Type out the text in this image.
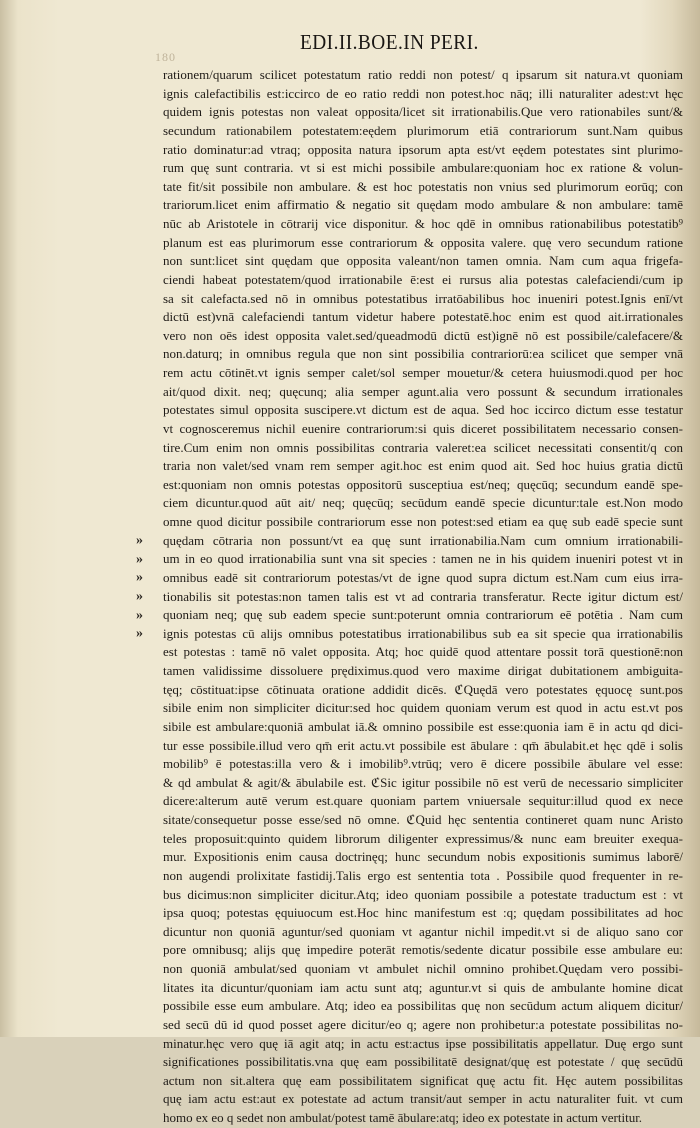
180
EDI.II.BOE.IN PERI.
»
»
»
»
»
»
rationem/quarum scilicet potestatum ratio reddi non potest/ q ipsarum sit natura.vt quoniam
ignis calefactibilis est:iccirco de eo ratio reddi non potest.hoc nāq; illi naturaliter adest:vt hęc
quidem ignis potestas non valeat opposita/licet sit irrationabilis.Que vero rationabiles sunt/&
secundum rationabilem potestatem:eędem plurimorum etiā contrariorum sunt.Nam quibus
ratio dominatur:ad vtraq; opposita natura ipsorum apta est/vt eędem potestates sint plurimo-
rum quę sunt contraria. vt si est michi possibile ambulare:quoniam hoc ex ratione & volun-
tate fit/sit possibile non ambulare. & est hoc potestatis non vnius sed plurimorum eorūq; con
trariorum.licet enim affirmatio & negatio sit quędam modo ambulare & non ambulare: tamē
nūc ab Aristotele in cōtrarij vice disponitur. & hoc qdē in omnibus rationabilibus potestatib⁹
planum est eas plurimorum esse contrariorum & opposita valere. quę vero secundum ratione
non sunt:licet sint quędam que opposita valeant/non tamen omnia. Nam cum aqua frigefa-
ciendi habeat potestatem/quod irrationabile ē:est ei rursus alia potestas calefaciendi/cum ip
sa sit calefacta.sed nō in omnibus potestatibus irratōabilibus hoc inueniri potest.Ignis enī/vt
dictū est)vnā calefaciendi tantum videtur habere potestatē.hoc enim est quod ait.irrationales
vero non oēs idest opposita valet.sed/queadmodū dictū est)ignē nō est possibile/calefacere/&
non.daturq; in omnibus regula que non sint possibilia contrariorū:ea scilicet que semper vnā
rem actu cōtinēt.vt ignis semper calet/sol semper mouetur/& cetera huiusmodi.quod per hoc
ait/quod dixit. neq; quęcunq; alia semper agunt.alia vero possunt & secundum irrationales
potestates simul opposita suscipere.vt dictum est de aqua. Sed hoc iccirco dictum esse testatur
vt cognosceremus nichil euenire contrariorum:si quis diceret possibilitatem necessario consen-
tire.Cum enim non omnis possibilitas contraria valeret:ea scilicet necessitati consentit/q con
traria non valet/sed vnam rem semper agit.hoc est enim quod ait. Sed hoc huius gratia dictū
est:quoniam non omnis potestas oppositorū susceptiua est/neq; quęcūq; secundum eandē spe-
ciem dicuntur.quod aūt ait/ neq; quęcūq; secūdum eandē specie dicuntur:tale est.Non modo
omne quod dicitur possibile contrariorum esse non potest:sed etiam ea quę sub eadē specie sunt
quędam cōtraria non possunt/vt ea quę sunt irrationabilia.Nam cum omnium irrationabili-
um in eo quod irrationabilia sunt vna sit species : tamen ne in his quidem inueniri potest vt in
omnibus eadē sit contrariorum potestas/vt de igne quod supra dictum est.Nam cum eius irra-
tionabilis sit potestas:non tamen talis est vt ad contraria transferatur. Recte igitur dictum est/
quoniam neq; quę sub eadem specie sunt:poterunt omnia contrariorum eē potētia . Nam cum
ignis potestas cū alijs omnibus potestatibus irrationabilibus sub ea sit specie qua irrationabilis
est potestas : tamē nō valet opposita. Atq; hoc quidē quod attentare possit torā questionē:non
tamen validissime dissoluere prędiximus.quod vero maxime dirigat dubitationem ambiguita-
tęq; cōstituat:ipse cōtinuata oratione addidit dicēs. ℭQuędā vero potestates ęquocę sunt.pos
sibile enim non simpliciter dicitur:sed hoc quidem quoniam verum est quod in actu est.vt pos
sibile est ambulare:quoniā ambulat iā.& omnino possibile est esse:quonia iam ē in actu qd dici-
tur esse possibile.illud vero qm̄ erit actu.vt possibile est ābulare : qm̄ ābulabit.et hęc qdē i solis
mobilib⁹ ē potestas:illa vero & i imobilib⁹.vtrūq; vero ē dicere possibile ābulare vel esse:
& qd ambulat & agit/& ābulabile est. ℭSic igitur possibile nō est verū de necessario simpliciter
dicere:alterum autē verum est.quare quoniam partem vniuersale sequitur:illud quod ex nece
sitate/consequetur posse esse/sed nō omne. ℭQuid hęc sententia contineret quam nunc Aristo
teles proposuit:quinto quidem librorum diligenter expressimus/& nunc eam breuiter exequa-
mur. Expositionis enim causa doctrinęq; hunc secundum nobis expositionis sumimus laborē/
non augendi prolixitate fastidij.Talis ergo est sententia tota . Possibile quod frequenter in re-
bus dicimus:non simpliciter dicitur.Atq; ideo quoniam possibile a potestate traductum est : vt
ipsa quoq; potestas ęquiuocum est.Hoc hinc manifestum est :q; quędam possibilitates ad hoc
dicuntur non quoniā aguntur/sed quoniam vt agantur nichil impedit.vt si de aliquo sano cor
pore omnibusq; alijs quę impedire poterāt remotis/sedente dicatur possibile esse ambulare eu:
non quoniā ambulat/sed quoniam vt ambulet nichil omnino prohibet.Quędam vero possibi-
litates ita dicuntur/quoniam iam actu sunt atq; aguntur.vt si quis de ambulante homine dicat
possibile esse eum ambulare. Atq; ideo ea possibilitas quę non secūdum actum aliquem dicitur/
sed secū dū id quod posset agere dicitur/eo q; agere non prohibetur:a potestate possibilitas no-
minatur.hęc vero quę iā agit atq; in actu est:actus ipse possibilitatis appellatur. Duę ergo sunt
significationes possibilitatis.vna quę eam possibilitatē designat/quę est potestate / quę secūdū
actum non sit.altera quę eam possibilitatem significat quę actu fit. Hęc autem possibilitas
quę iam actu est:aut ex potestate ad actum transit/aut semper in actu naturaliter fuit. vt cum
homo ex eo q sedet non ambulat/potest tamē ābulare:atq; ideo ex potestate in actum vertitur.
